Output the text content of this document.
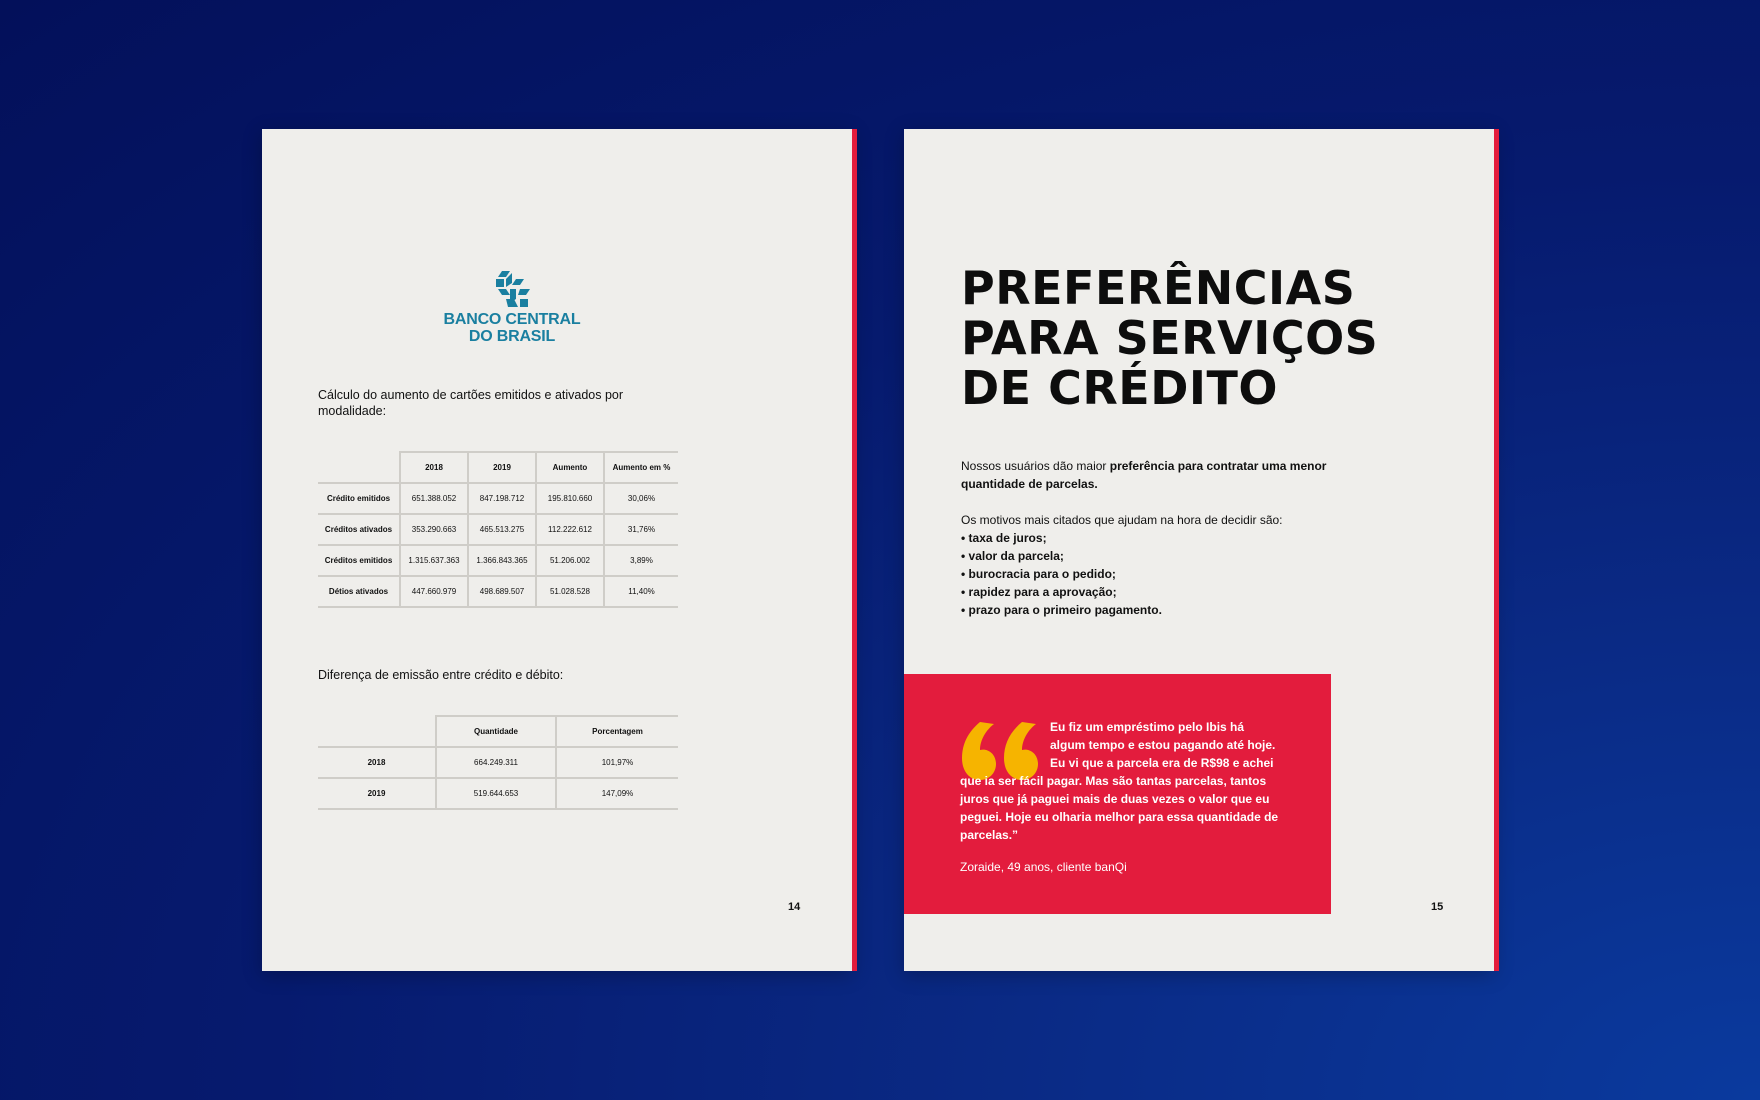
BANCO CENTRAL
DO BRASIL
Cálculo do aumento de cartões emitidos e ativados por modalidade:
	2018	2019	Aumento	Aumento em %
Crédito emitidos	651.388.052	847.198.712	195.810.660	30,06%
Créditos ativados	353.290.663	465.513.275	112.222.612	31,76%
Créditos emitidos	1.315.637.363	1.366.843.365	51.206.002	3,89%
Détios ativados	447.660.979	498.689.507	51.028.528	11,40%
Diferença de emissão entre crédito e débito:
	Quantidade	Porcentagem
2018	664.249.311	101,97%
2019	519.644.653	147,09%
14
PREFERÊNCIAS
PARA SERVIÇOS
DE CRÉDITO
Nossos usuários dão maior preferência para contratar uma menor quantidade de parcelas.
Os motivos mais citados que ajudam na hora de decidir são:
• taxa de juros;
• valor da parcela;
• burocracia para o pedido;
• rapidez para a aprovação;
• prazo para o primeiro pagamento.
Eu fiz um empréstimo pelo Ibis há algum tempo e estou pagando até hoje. Eu vi que a parcela era de R$98 e achei que ia ser fácil pagar. Mas são tantas parcelas, tantos juros que já paguei mais de duas vezes o valor que eu peguei. Hoje eu olharia melhor para essa quantidade de parcelas.”
Zoraide, 49 anos, cliente banQi
15
